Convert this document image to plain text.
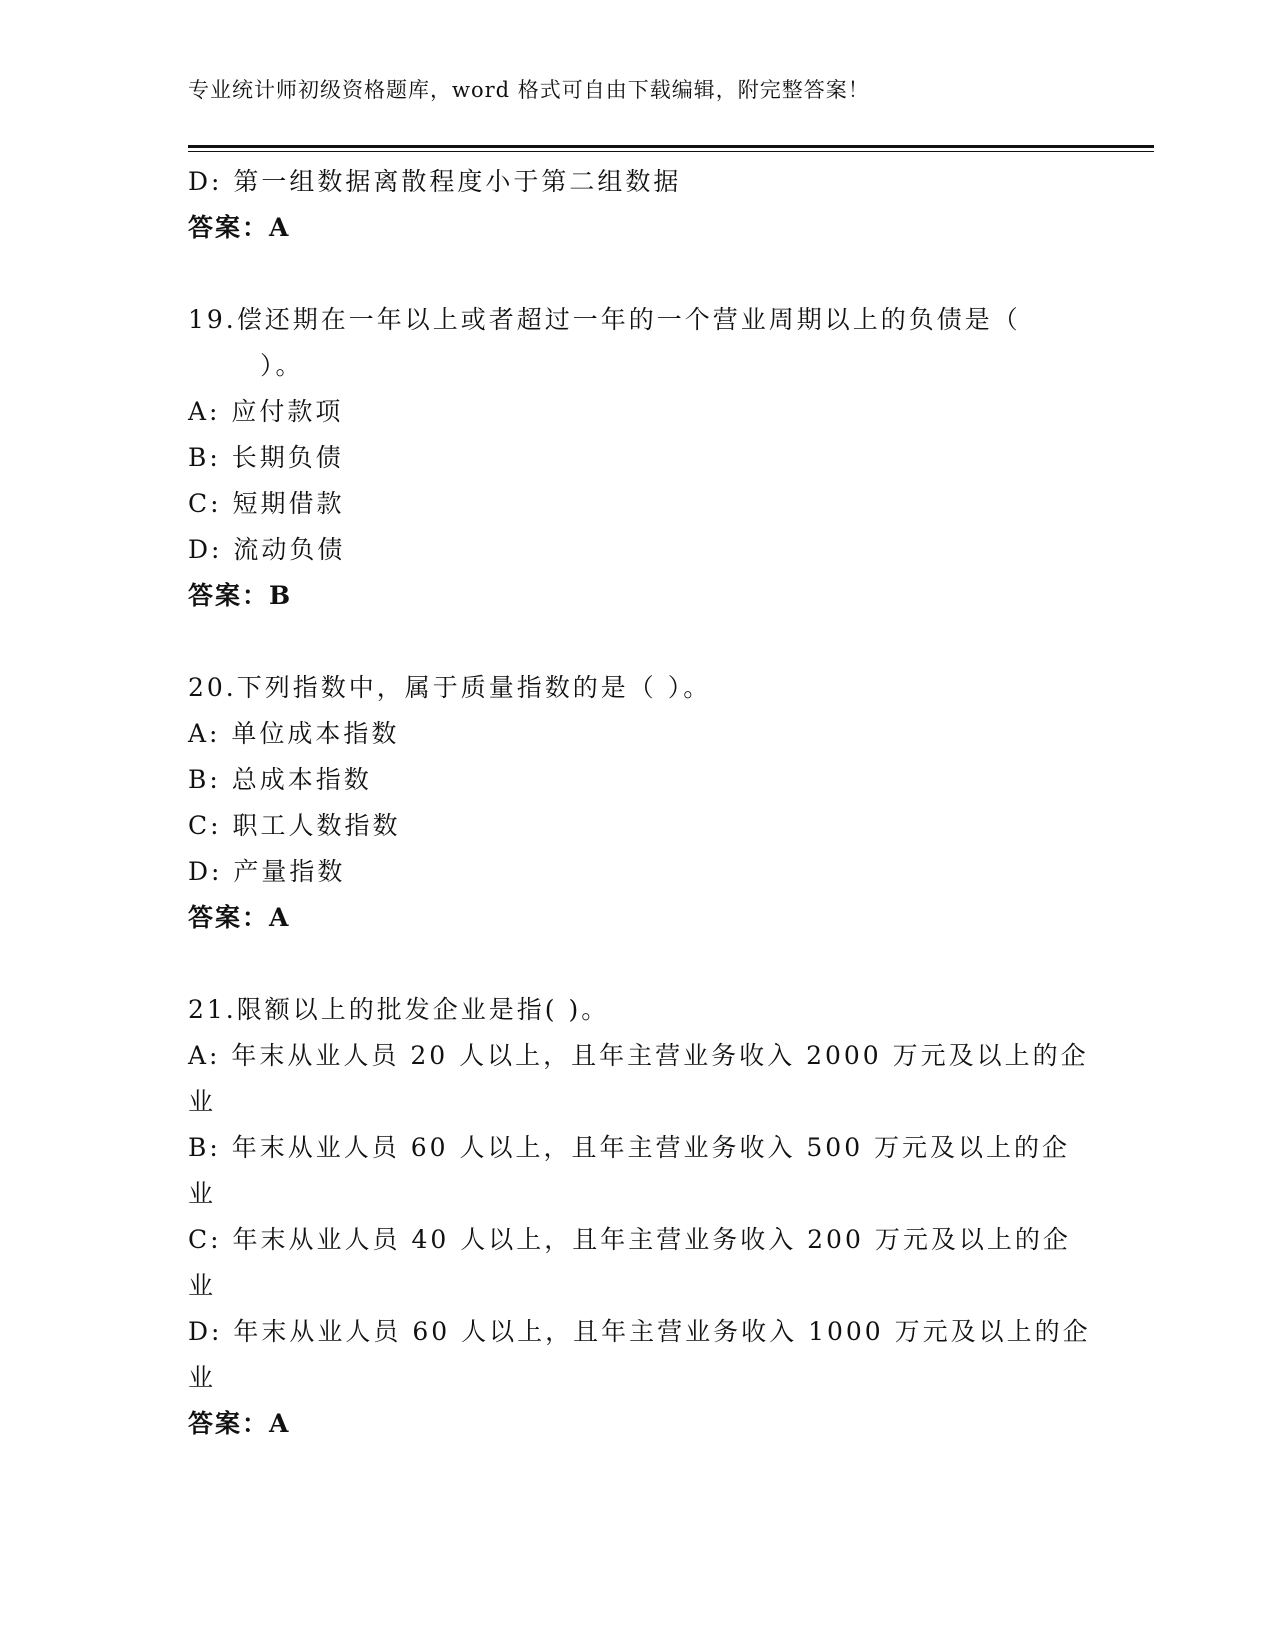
专业统计师初级资格题库，word 格式可自由下载编辑，附完整答案！
D: 第一组数据离散程度小于第二组数据
答案：A
19.偿还期在一年以上或者超过一年的一个营业周期以上的负债是（
）。
A: 应付款项
B: 长期负债
C: 短期借款
D: 流动负债
答案：B
20.下列指数中，属于质量指数的是（ ）。
A: 单位成本指数
B: 总成本指数
C: 职工人数指数
D: 产量指数
答案：A
21.限额以上的批发企业是指( )。
A: 年末从业人员 20 人以上，且年主营业务收入 2000 万元及以上的企
业
B: 年末从业人员 60 人以上，且年主营业务收入 500 万元及以上的企
业
C: 年末从业人员 40 人以上，且年主营业务收入 200 万元及以上的企
业
D: 年末从业人员 60 人以上，且年主营业务收入 1000 万元及以上的企
业
答案：A
